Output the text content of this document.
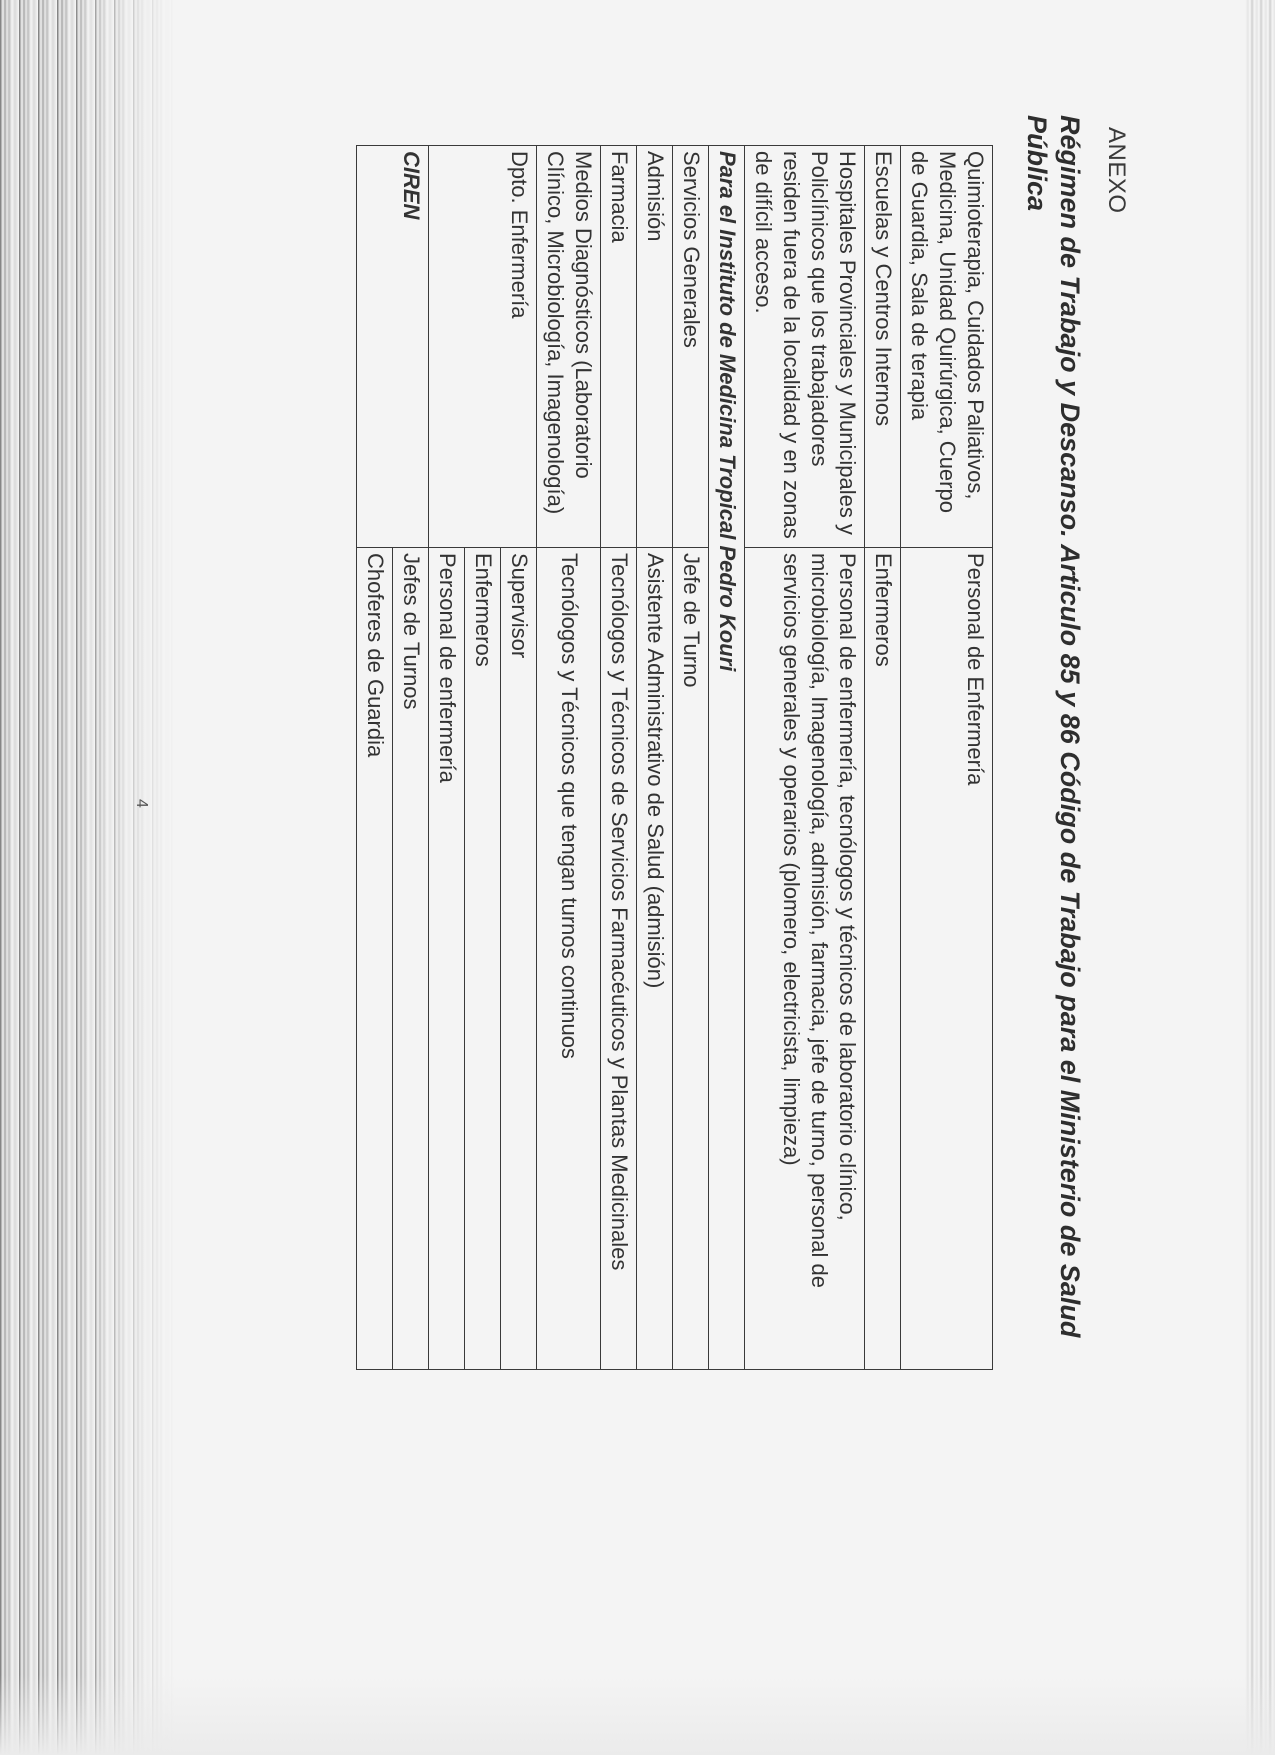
ANEXO
Régimen de Trabajo y Descanso. Articulo 85 y 86 Código de Trabajo para el Ministerio de Salud Pública
Quimioterapia, Cuidados Paliativos, Medicina, Unidad Quirúrgica, Cuerpo de Guardia, Sala de terapia	Personal de Enfermería
Escuelas y Centros Internos	Enfermeros
Hospitales Provinciales y Municipales y Policlínicos que los trabajadores residen fuera de la localidad y en zonas de difícil acceso.	Personal de enfermería, tecnólogos y técnicos de laboratorio clínico, microbiología, Imagenología, admisión, farmacia, jefe de turno, personal de servicios generales y operarios (plomero, electricista, limpieza)
Para el Instituto de Medicina Tropical Pedro Kouri	
Servicios Generales	Jefe de Turno
Admisión	Asistente Administrativo de Salud (admisión)
Farmacia	Tecnólogos y Técnicos de Servicios Farmacéuticos y Plantas Medicinales
Medios Diagnósticos (Laboratorio Clínico, Microbiología, Imagenología)	Tecnólogos y Técnicos que tengan turnos continuos
Dpto. Enfermería	Supervisor
	Enfermeros
	Personal de enfermería
CIREN	Jefes de Turnos
	Choferes de Guardia
4
